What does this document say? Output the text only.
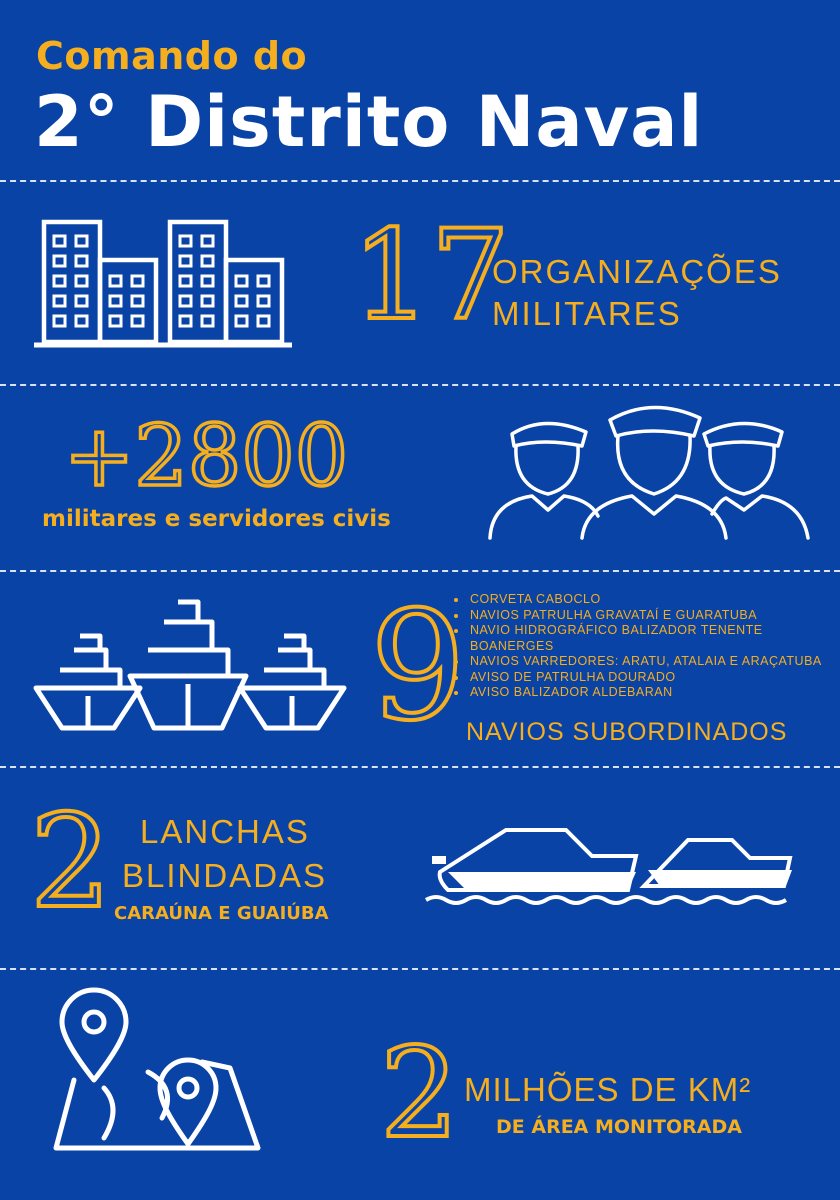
Comando do
2° Distrito Naval
17
ORGANIZAÇÕES
MILITARES
+2800
militares e servidores civis
9
• CORVETA CABOCLO
• NAVIOS PATRULHA GRAVATAÍ E GUARATUBA
• NAVIO HIDROGRÁFICO BALIZADOR TENENTE BOANERGES
• NAVIOS VARREDORES: ARATU, ATALAIA E ARAÇATUBA
• AVISO DE PATRULHA DOURADO
• AVISO BALIZADOR ALDEBARAN
NAVIOS SUBORDINADOS
2 LANCHAS
BLINDADAS
CARAÚNA E GUAIÚBA
2 MILHÕES DE KM²
DE ÁREA MONITORADA
